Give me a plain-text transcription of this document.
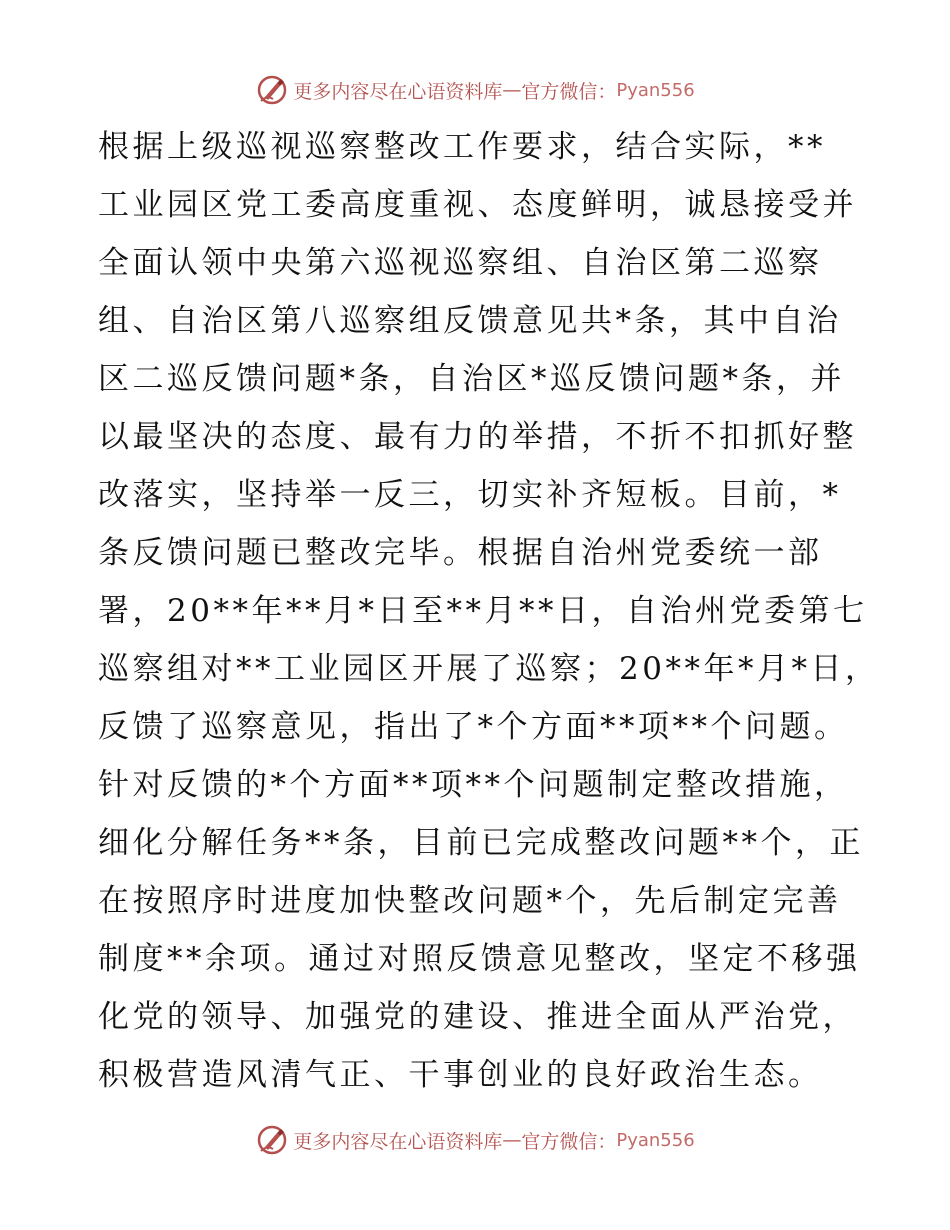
更多内容尽在心语资料库 — 官方微信： Pyan556
根据上级巡视巡察整改工作要求，结合实际，**
工业园区党工委高度重视、态度鲜明，诚恳接受并
全面认领中央第六巡视巡察组、自治区第二巡察
组、自治区第八巡察组反馈意见共*条，其中自治
区二巡反馈问题*条，自治区*巡反馈问题*条，并
以最坚决的态度、最有力的举措，不折不扣抓好整
改落实，坚持举一反三，切实补齐短板。目前，*
条反馈问题已整改完毕。根据自治州党委统一部
署，20**年**月*日至**月**日，自治州党委第七
巡察组对**工业园区开展了巡察；20**年*月*日，
反馈了巡察意见，指出了*个方面**项**个问题。
针对反馈的*个方面**项**个问题制定整改措施，
细化分解任务**条，目前已完成整改问题**个，正
在按照序时进度加快整改问题*个，先后制定完善
制度**余项。通过对照反馈意见整改，坚定不移强
化党的领导、加强党的建设、推进全面从严治党，
积极营造风清气正、干事创业的良好政治生态。
更多内容尽在心语资料库 — 官方微信： Pyan556
